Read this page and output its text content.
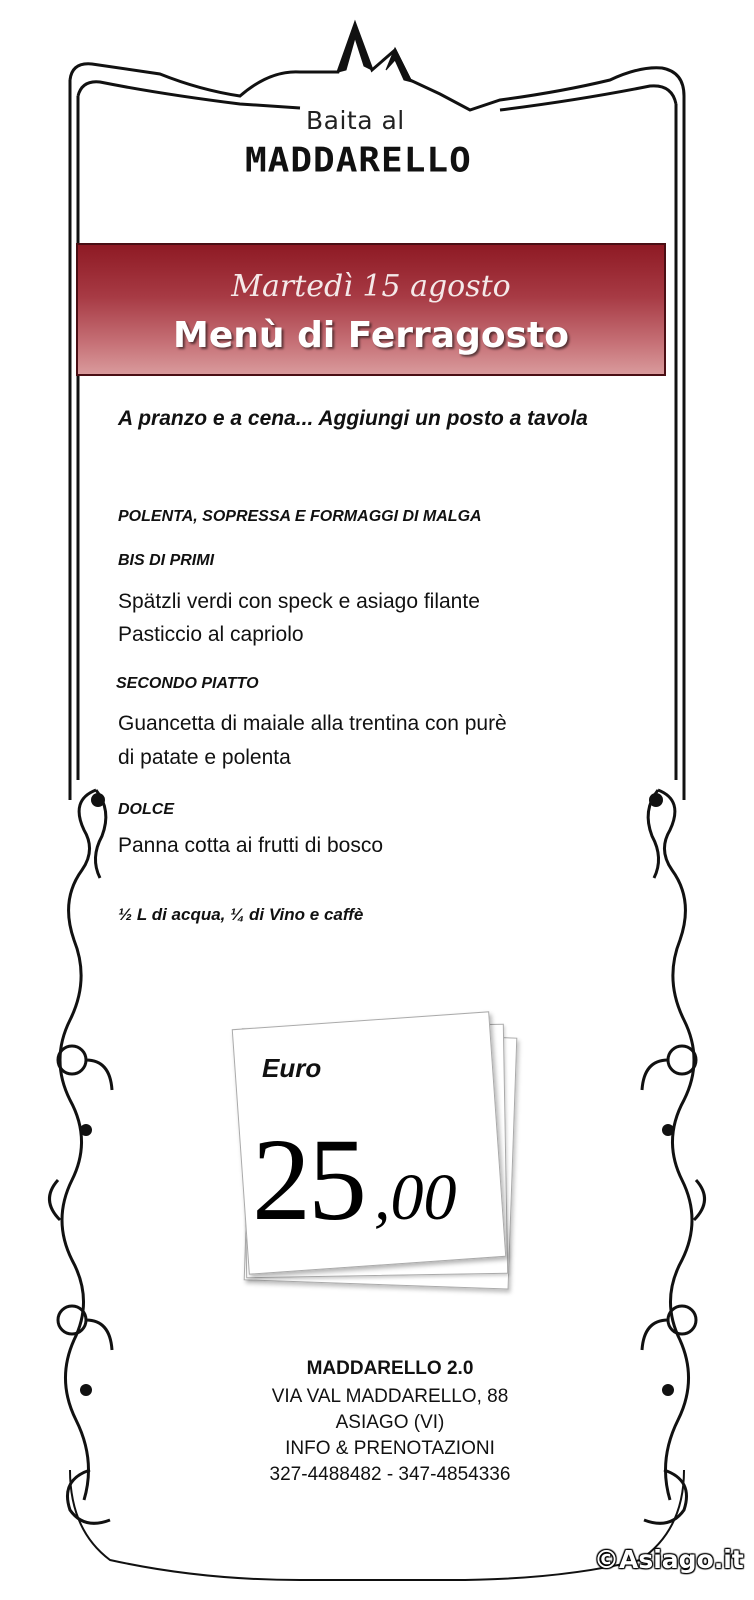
Baita al
MADDARELLO
Martedì 15 agosto
Menù di Ferragosto
A pranzo e a cena... Aggiungi un posto a tavola
POLENTA, SOPRESSA E FORMAGGI DI MALGA
BIS DI PRIMI
Spätzli verdi con speck e asiago filante
Pasticcio al capriolo
SECONDO PIATTO
Guancetta di maiale alla trentina con purè
di patate e polenta
DOLCE
Panna cotta ai frutti di bosco
½ L di acqua, ¼ di Vino e caffè
Euro
25 ,00
MADDARELLO 2.0
VIA VAL MADDARELLO, 88
ASIAGO (VI)
INFO & PRENOTAZIONI
327-4488482 - 347-4854336
©Asiago.it
